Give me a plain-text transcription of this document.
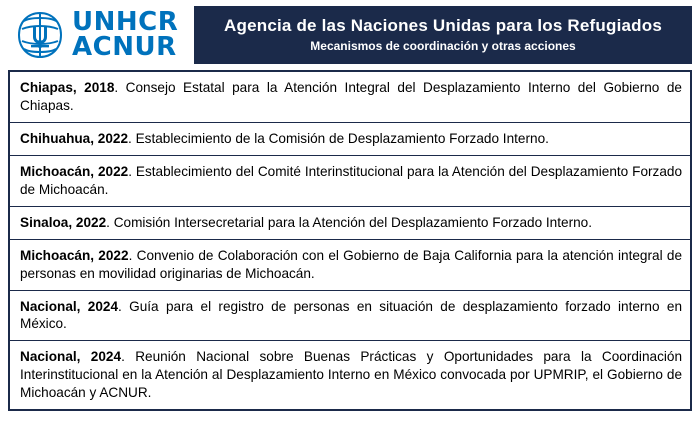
UNHCR
ACNUR
Agencia de las Naciones Unidas para los Refugiados
Mecanismos de coordinación y otras acciones
Chiapas, 2018. Consejo Estatal para la Atención Integral del Desplazamiento Interno del Gobierno de Chiapas.
Chihuahua, 2022. Establecimiento de la Comisión de Desplazamiento Forzado Interno.
Michoacán, 2022. Establecimiento del Comité Interinstitucional para la Atención del Desplazamiento Forzado de Michoacán.
Sinaloa, 2022. Comisión Intersecretarial para la Atención del Desplazamiento Forzado Interno.
Michoacán, 2022. Convenio de Colaboración con el Gobierno de Baja California para la atención integral de personas en movilidad originarias de Michoacán.
Nacional, 2024. Guía para el registro de personas en situación de desplazamiento forzado interno en México.
Nacional, 2024. Reunión Nacional sobre Buenas Prácticas y Oportunidades para la Coordinación Interinstitucional en la Atención al Desplazamiento Interno en México convocada por UPMRIP, el Gobierno de Michoacán y ACNUR.
